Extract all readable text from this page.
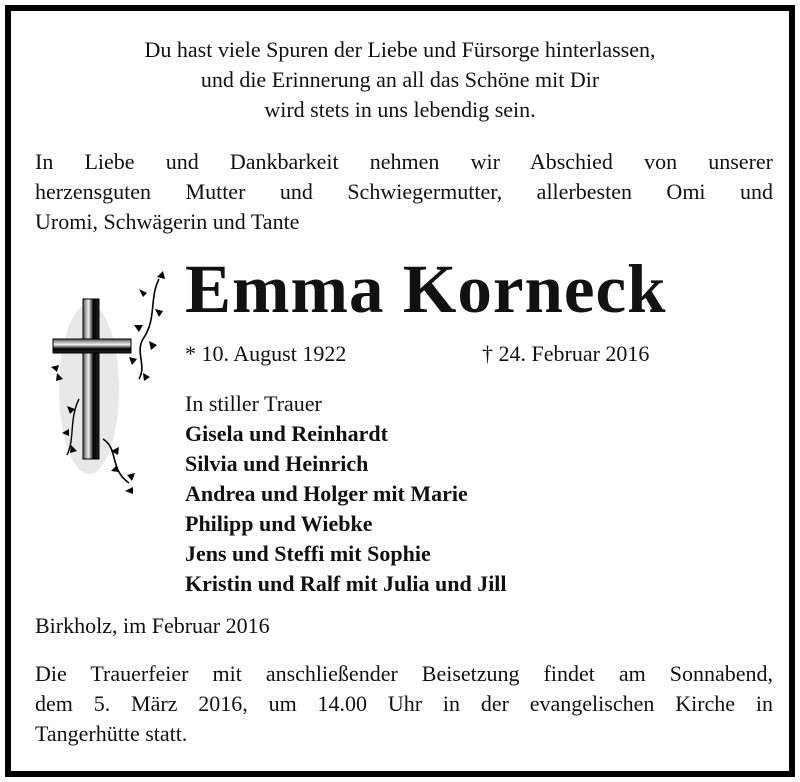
Du hast viele Spuren der Liebe und Fürsorge hinterlassen,
und die Erinnerung an all das Schöne mit Dir
wird stets in uns lebendig sein.
In Liebe und Dankbarkeit nehmen wir Abschied von unserer
herzensguten Mutter und Schwiegermutter, allerbesten Omi und
Uromi, Schwägerin und Tante
Emma Korneck
* 10. August 1922	† 24. Februar 2016
In stiller Trauer
Gisela und Reinhardt
Silvia und Heinrich
Andrea und Holger mit Marie
Philipp und Wiebke
Jens und Steffi mit Sophie
Kristin und Ralf mit Julia und Jill
Birkholz, im Februar 2016
Die Trauerfeier mit anschließender Beisetzung findet am Sonnabend,
dem 5. März 2016, um 14.00 Uhr in der evangelischen Kirche in
Tangerhütte statt.
